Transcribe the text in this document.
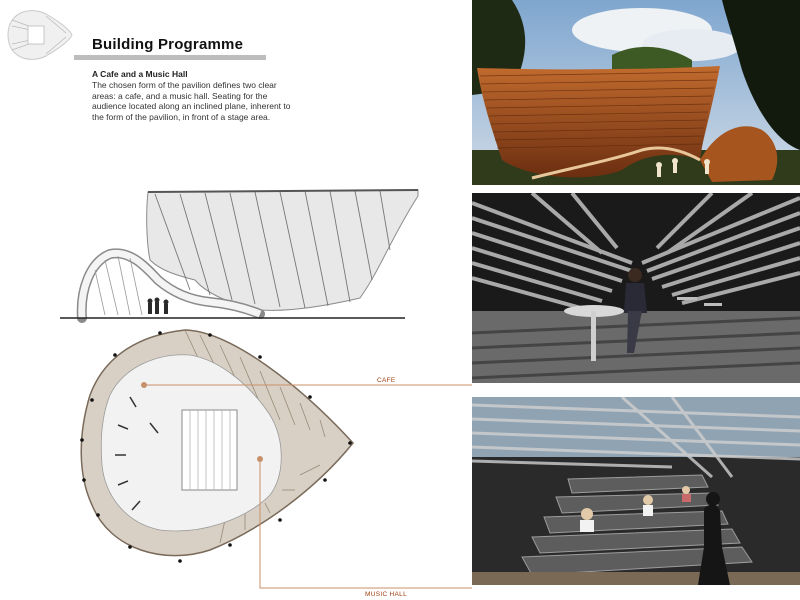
Building Programme
A Cafe and a Music Hall
The chosen form of the pavilion defines two clear areas: a cafe, and a music hall. Seating for the audience located along an inclined plane, inherent to the form of the pavilion, in front of a stage area.
CAFE
MUSIC HALL
